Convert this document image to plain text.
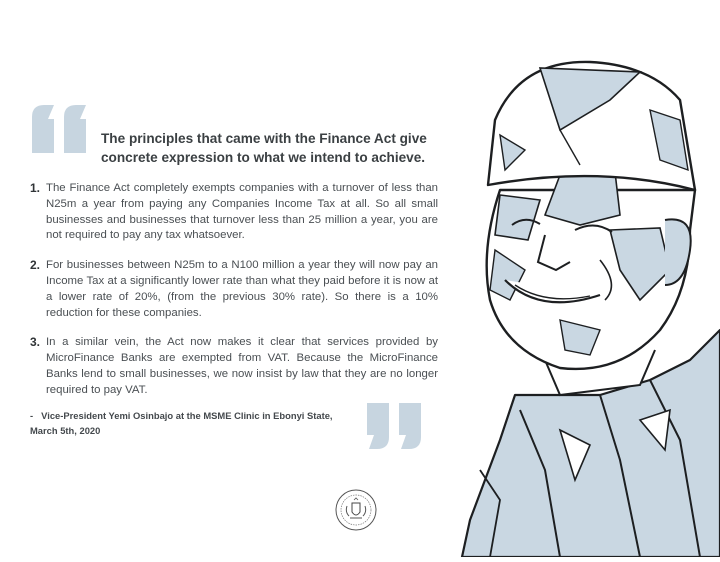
The principles that came with the Finance Act give concrete expression to what we intend to achieve.
1. The Finance Act completely exempts companies with a turnover of less than N25m a year from paying any Companies Income Tax at all. So all small businesses and businesses that turnover less than 25 million a year, you are not required to pay any tax whatsoever.
2. For businesses between N25m to a N100 million a year they will now pay an Income Tax at a significantly lower rate than what they paid before it is now at a lower rate of 20%, (from the previous 30% rate). So there is a 10% reduction for these companies.
3. In a similar vein, the Act now makes it clear that services provided by MicroFinance Banks are exempted from VAT. Because the MicroFinance Banks lend to small businesses, we now insist by law that they are no longer required to pay VAT.
- Vice-President Yemi Osinbajo at the MSME Clinic in Ebonyi State, March 5th, 2020
